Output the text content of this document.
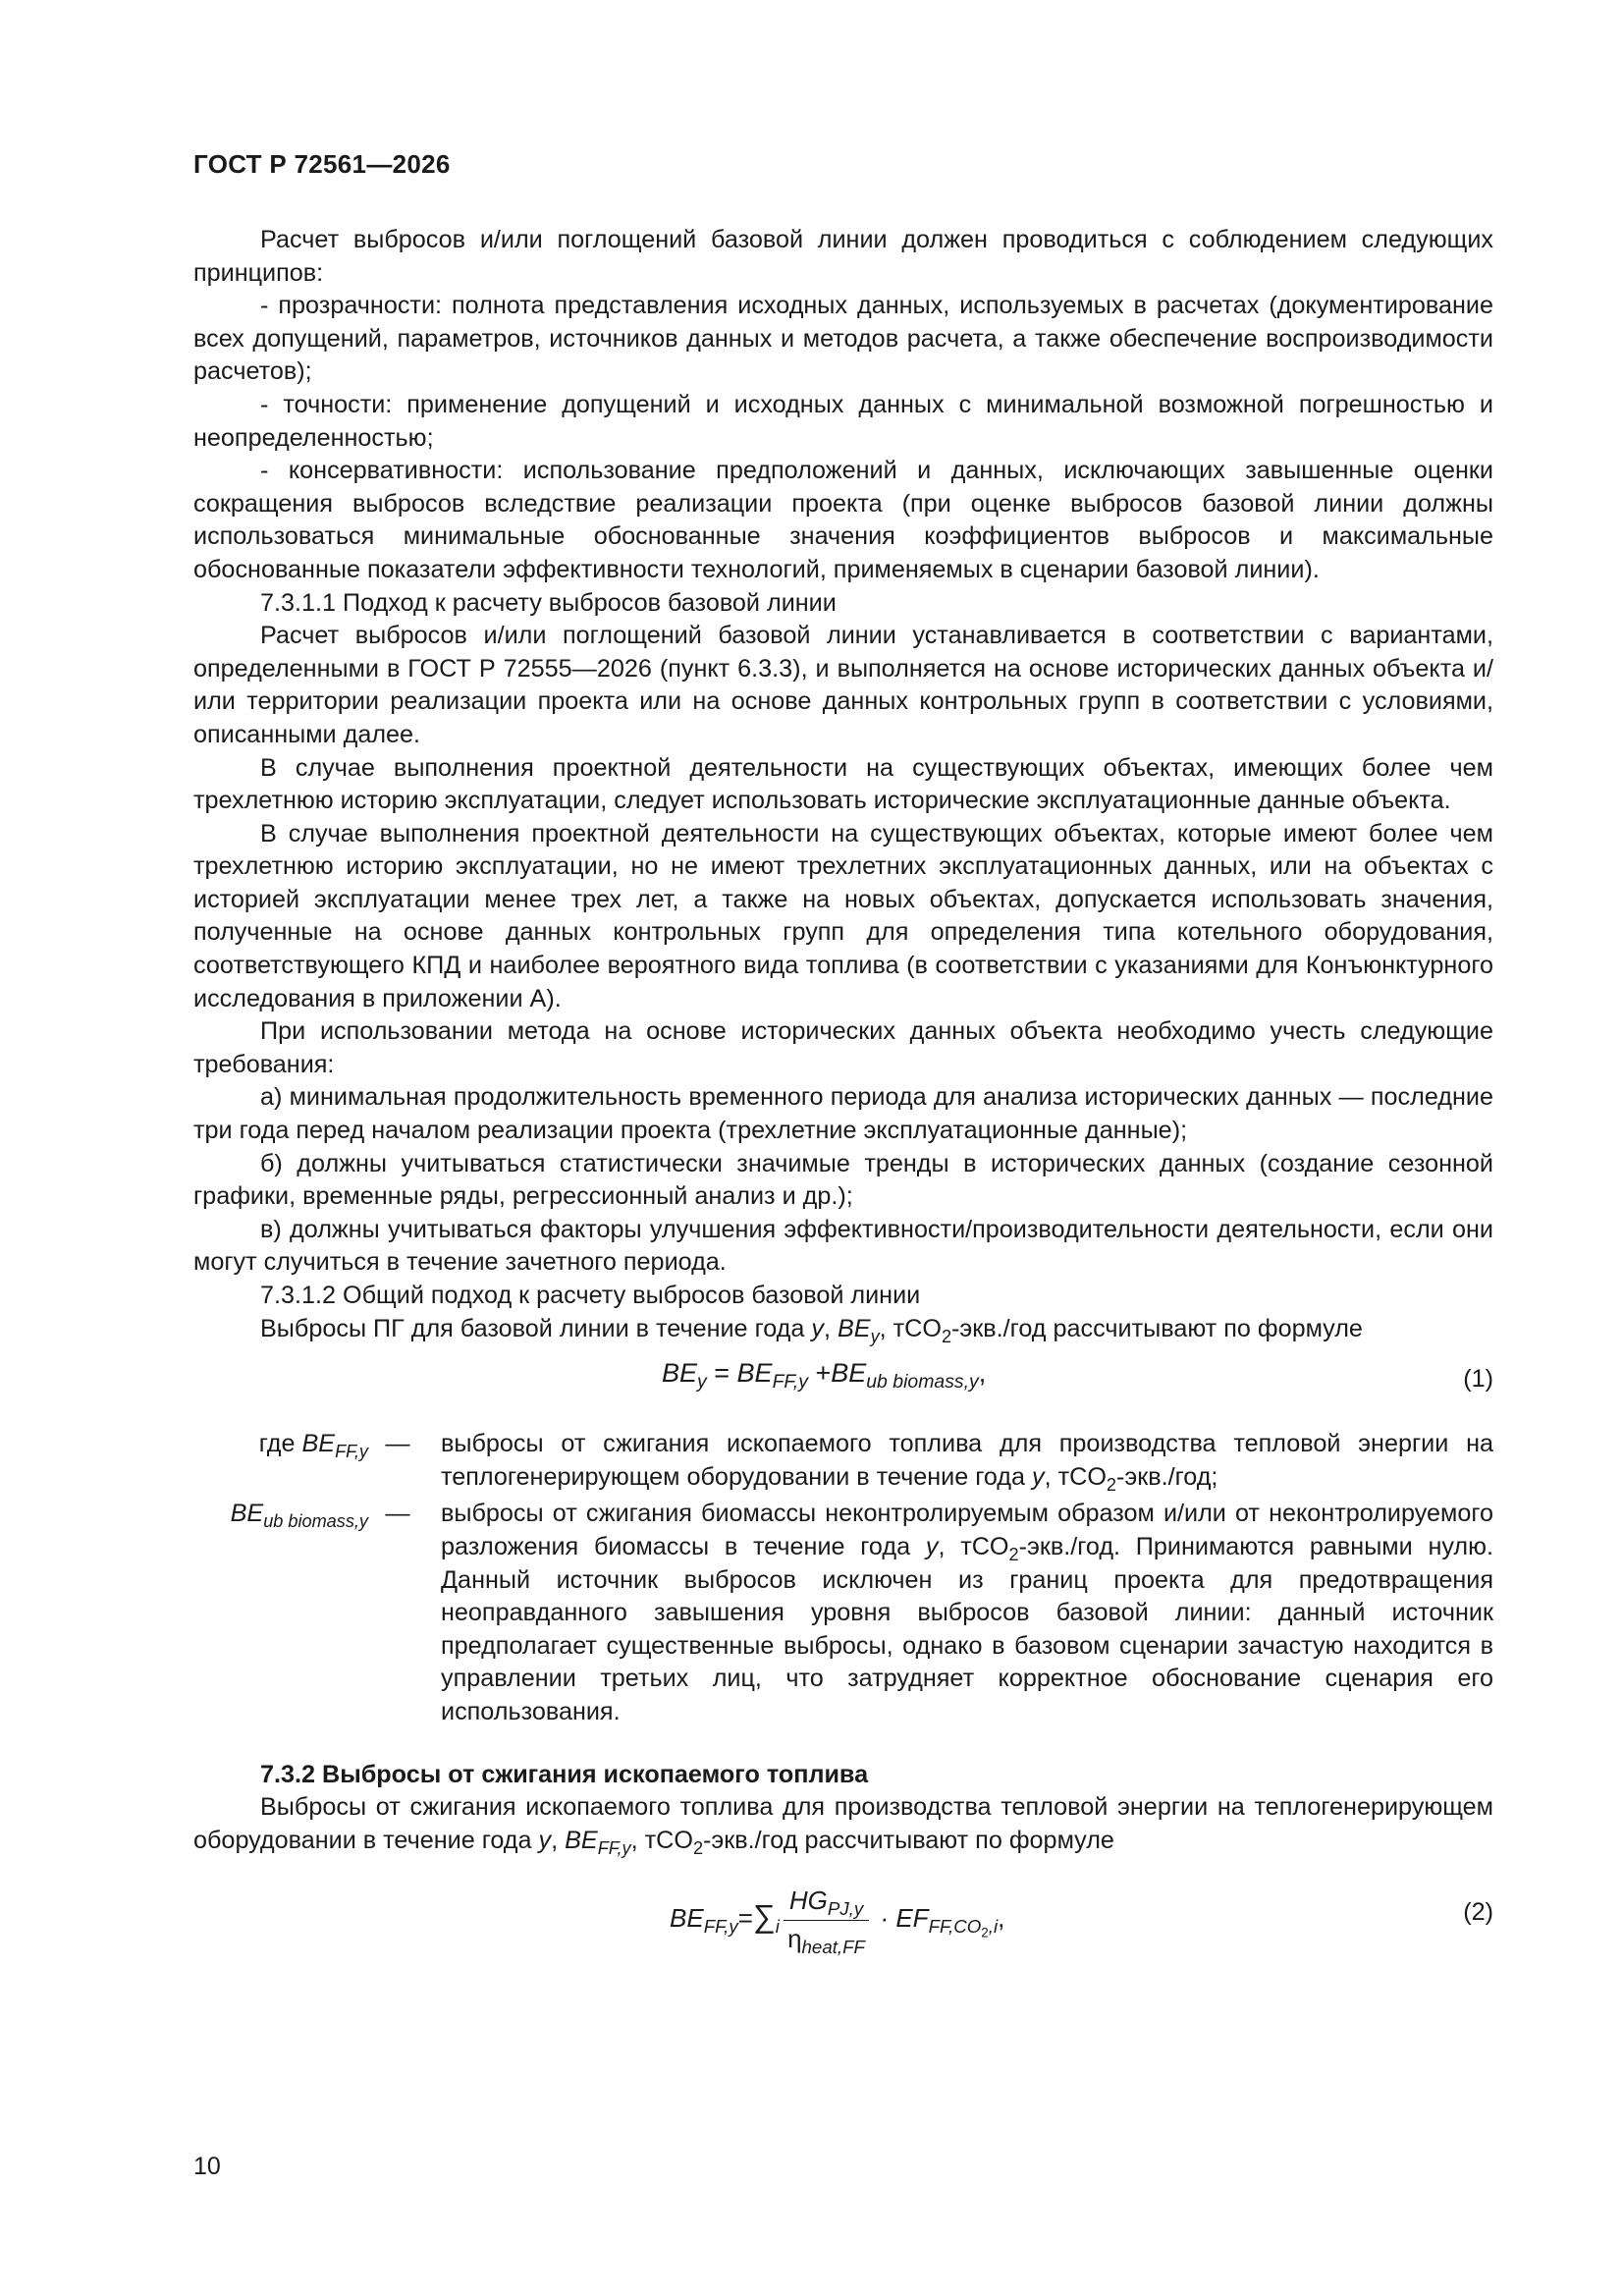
ГОСТ Р 72561—2026

Расчет выбросов и/или поглощений базовой линии должен проводиться с соблюдением следующих принципов:

- прозрачности: полнота представления исходных данных, используемых в расчетах (документирование всех допущений, параметров, источников данных и методов расчета, а также обеспечение воспроизводимости расчетов);

- точности: применение допущений и исходных данных с минимальной возможной погрешностью и неопределенностью;

- консервативности: использование предположений и данных, исключающих завышенные оценки сокращения выбросов вследствие реализации проекта (при оценке выбросов базовой линии должны использоваться минимальные обоснованные значения коэффициентов выбросов и максимальные обоснованные показатели эффективности технологий, применяемых в сценарии базовой линии).

7.3.1.1 Подход к расчету выбросов базовой линии

Расчет выбросов и/или поглощений базовой линии устанавливается в соответствии с вариантами, определенными в ГОСТ Р 72555—2026 (пункт 6.3.3), и выполняется на основе исторических данных объекта и/или территории реализации проекта или на основе данных контрольных групп в соответствии с условиями, описанными далее.

В случае выполнения проектной деятельности на существующих объектах, имеющих более чем трехлетнюю историю эксплуатации, следует использовать исторические эксплуатационные данные объекта.

В случае выполнения проектной деятельности на существующих объектах, которые имеют более чем трехлетнюю историю эксплуатации, но не имеют трехлетних эксплуатационных данных, или на объектах с историей эксплуатации менее трех лет, а также на новых объектах, допускается использовать значения, полученные на основе данных контрольных групп для определения типа котельного оборудования, соответствующего КПД и наиболее вероятного вида топлива (в соответствии с указаниями для Конъюнктурного исследования в приложении А).

При использовании метода на основе исторических данных объекта необходимо учесть следующие требования:

а) минимальная продолжительность временного периода для анализа исторических данных — последние три года перед началом реализации проекта (трехлетние эксплуатационные данные);

б) должны учитываться статистически значимые тренды в исторических данных (создание сезонной графики, временные ряды, регрессионный анализ и др.);

в) должны учитываться факторы улучшения эффективности/производительности деятельности, если они могут случиться в течение зачетного периода.

7.3.1.2 Общий подход к расчету выбросов базовой линии

Выбросы ПГ для базовой линии в течение года y, $BE_y$, тCO$_2$-экв./год рассчитывают по формуле

$BE_y = BE_{FF,y} +BE_{ub biomass,y}$,	(1)
где $BE_{FF,y}$ —	выбросы от сжигания ископаемого топлива для производства тепловой энергии на теплогенерирующем оборудовании в течение года y, тCO$_2$-экв./год;
$BE_{ub biomass,y}$ —	выбросы от сжигания биомассы неконтролируемым образом и/или от неконтролируемого разложения биомассы в течение года y, тCO$_2$-экв./год. Принимаются равными нулю. Данный источник выбросов исключен из границ проекта для предотвращения неоправданного завышения уровня выбросов базовой линии: данный источник предполагает существенные выбросы, однако в базовом сценарии зачастую находится в управлении третьих лиц, что затрудняет корректное обоснование сценария его использования.

7.3.2 Выбросы от сжигания ископаемого топлива

Выбросы от сжигания ископаемого топлива для производства тепловой энергии на теплогенерирующем оборудовании в течение года y, $BE_{FF,y}$, тCO$_2$-экв./год рассчитывают по формуле

$BE_{FF,y}=\sum_i \frac{HG_{PJ,y}}{\eta_{heat,FF}} \cdot EF_{FF,CO_2,i}$,	(2)
10
